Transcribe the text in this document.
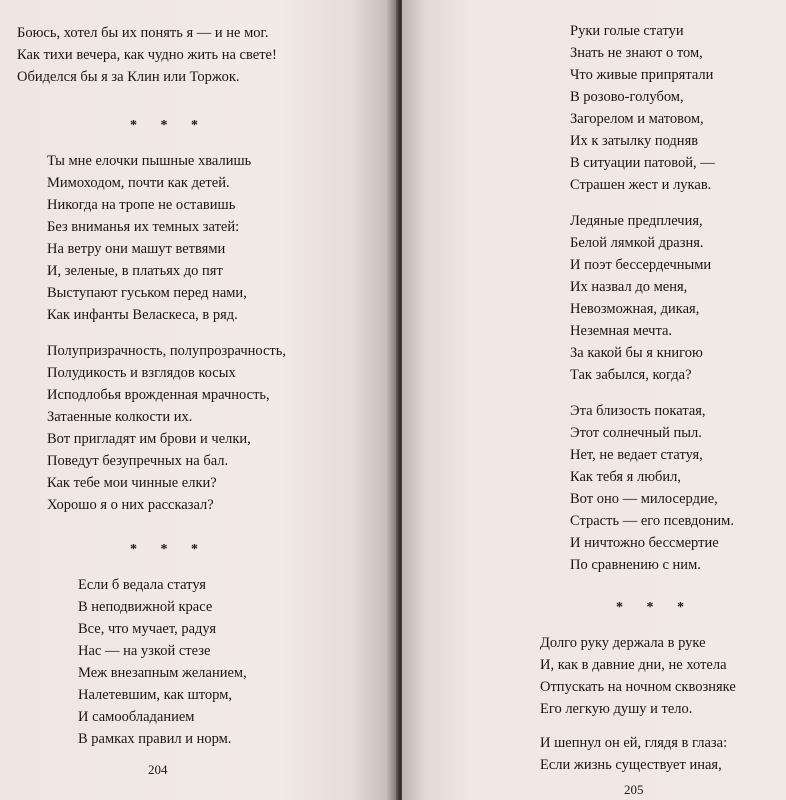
Боюсь, хотел бы их понять я — и не мог.
Как тихи вечера, как чудно жить на свете!
Обиделся бы я за Клин или Торжок.
* * *
Ты мне елочки пышные хвалишь
Мимоходом, почти как детей.
Никогда на тропе не оставишь
Без вниманья их темных затей:
На ветру они машут ветвями
И, зеленые, в платьях до пят
Выступают гуськом перед нами,
Как инфанты Веласкеса, в ряд.
Полупризрачность, полупрозрачность,
Полудикость и взглядов косых
Исподлобья врожденная мрачность,
Затаенные колкости их.
Вот пригладят им брови и челки,
Поведут безупречных на бал.
Как тебе мои чинные елки?
Хорошо я о них рассказал?
* * *
Если б ведала статуя
В неподвижной красе
Все, что мучает, радуя
Нас — на узкой стезе
Меж внезапным желанием,
Налетевшим, как шторм,
И самообладанием
В рамках правил и норм.
204
Руки голые статуи
Знать не знают о том,
Что живые припрятали
В розово-голубом,
Загорелом и матовом,
Их к затылку подняв
В ситуации патовой, —
Страшен жест и лукав.
Ледяные предплечия,
Белой лямкой дразня.
И поэт бессердечными
Их назвал до меня,
Невозможная, дикая,
Неземная мечта.
За какой бы я книгою
Так забылся, когда?
Эта близость покатая,
Этот солнечный пыл.
Нет, не ведает статуя,
Как тебя я любил,
Вот оно — милосердие,
Страсть — его псевдоним.
И ничтожно бессмертие
По сравнению с ним.
* * *
Долго руку держала в руке
И, как в давние дни, не хотела
Отпускать на ночном сквозняке
Его легкую душу и тело.
И шепнул он ей, глядя в глаза:
Если жизнь существует иная,
205
